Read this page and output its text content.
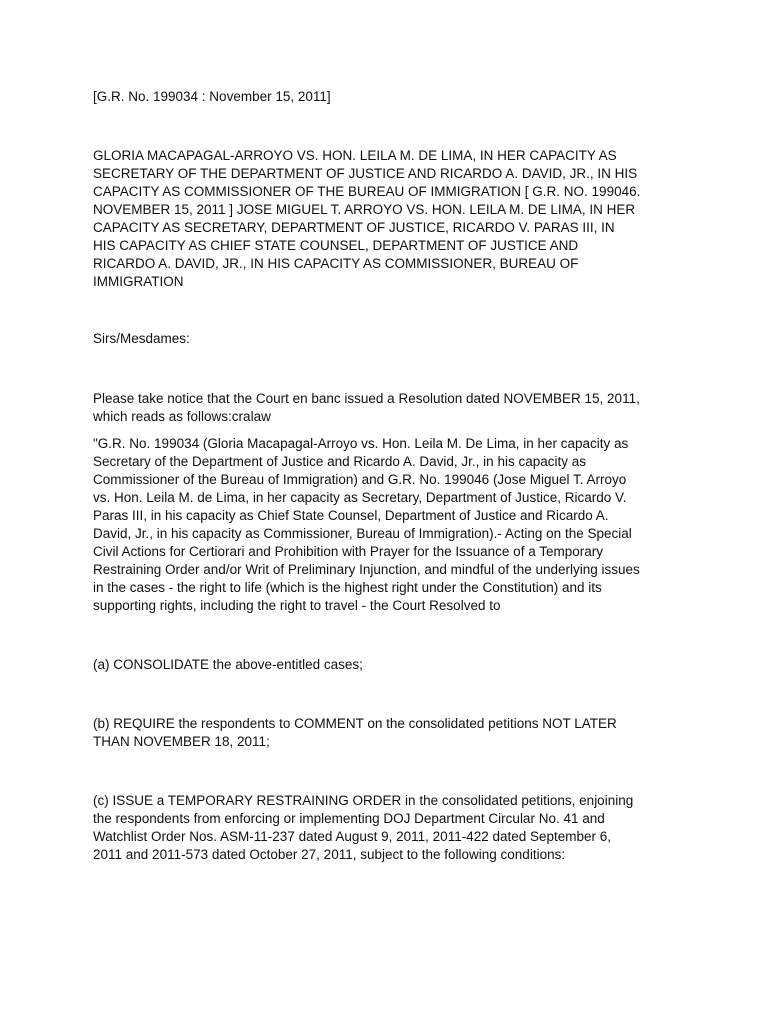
[G.R. No. 199034 : November 15, 2011]

GLORIA MACAPAGAL-ARROYO VS. HON. LEILA M. DE LIMA, IN HER CAPACITY AS
SECRETARY OF THE DEPARTMENT OF JUSTICE AND RICARDO A. DAVID, JR., IN HIS
CAPACITY AS COMMISSIONER OF THE BUREAU OF IMMIGRATION [ G.R. NO. 199046.
NOVEMBER 15, 2011 ] JOSE MIGUEL T. ARROYO VS. HON. LEILA M. DE LIMA, IN HER
CAPACITY AS SECRETARY, DEPARTMENT OF JUSTICE, RICARDO V. PARAS III, IN
HIS CAPACITY AS CHIEF STATE COUNSEL, DEPARTMENT OF JUSTICE AND
RICARDO A. DAVID, JR., IN HIS CAPACITY AS COMMISSIONER, BUREAU OF
IMMIGRATION

Sirs/Mesdames:

Please take notice that the Court en banc issued a Resolution dated NOVEMBER 15, 2011,
which reads as follows:cralaw

"G.R. No. 199034 (Gloria Macapagal-Arroyo vs. Hon. Leila M. De Lima, in her capacity as
Secretary of the Department of Justice and Ricardo A. David, Jr., in his capacity as
Commissioner of the Bureau of Immigration) and G.R. No. 199046 (Jose Miguel T. Arroyo
vs. Hon. Leila M. de Lima, in her capacity as Secretary, Department of Justice, Ricardo V.
Paras III, in his capacity as Chief State Counsel, Department of Justice and Ricardo A.
David, Jr., in his capacity as Commissioner, Bureau of Immigration).- Acting on the Special
Civil Actions for Certiorari and Prohibition with Prayer for the Issuance of a Temporary
Restraining Order and/or Writ of Preliminary Injunction, and mindful of the underlying issues
in the cases - the right to life (which is the highest right under the Constitution) and its
supporting rights, including the right to travel - the Court Resolved to

(a) CONSOLIDATE the above-entitled cases;

(b) REQUIRE the respondents to COMMENT on the consolidated petitions NOT LATER
THAN NOVEMBER 18, 2011;

(c) ISSUE a TEMPORARY RESTRAINING ORDER in the consolidated petitions, enjoining
the respondents from enforcing or implementing DOJ Department Circular No. 41 and
Watchlist Order Nos. ASM-11-237 dated August 9, 2011, 2011-422 dated September 6,
2011 and 2011-573 dated October 27, 2011, subject to the following conditions:
